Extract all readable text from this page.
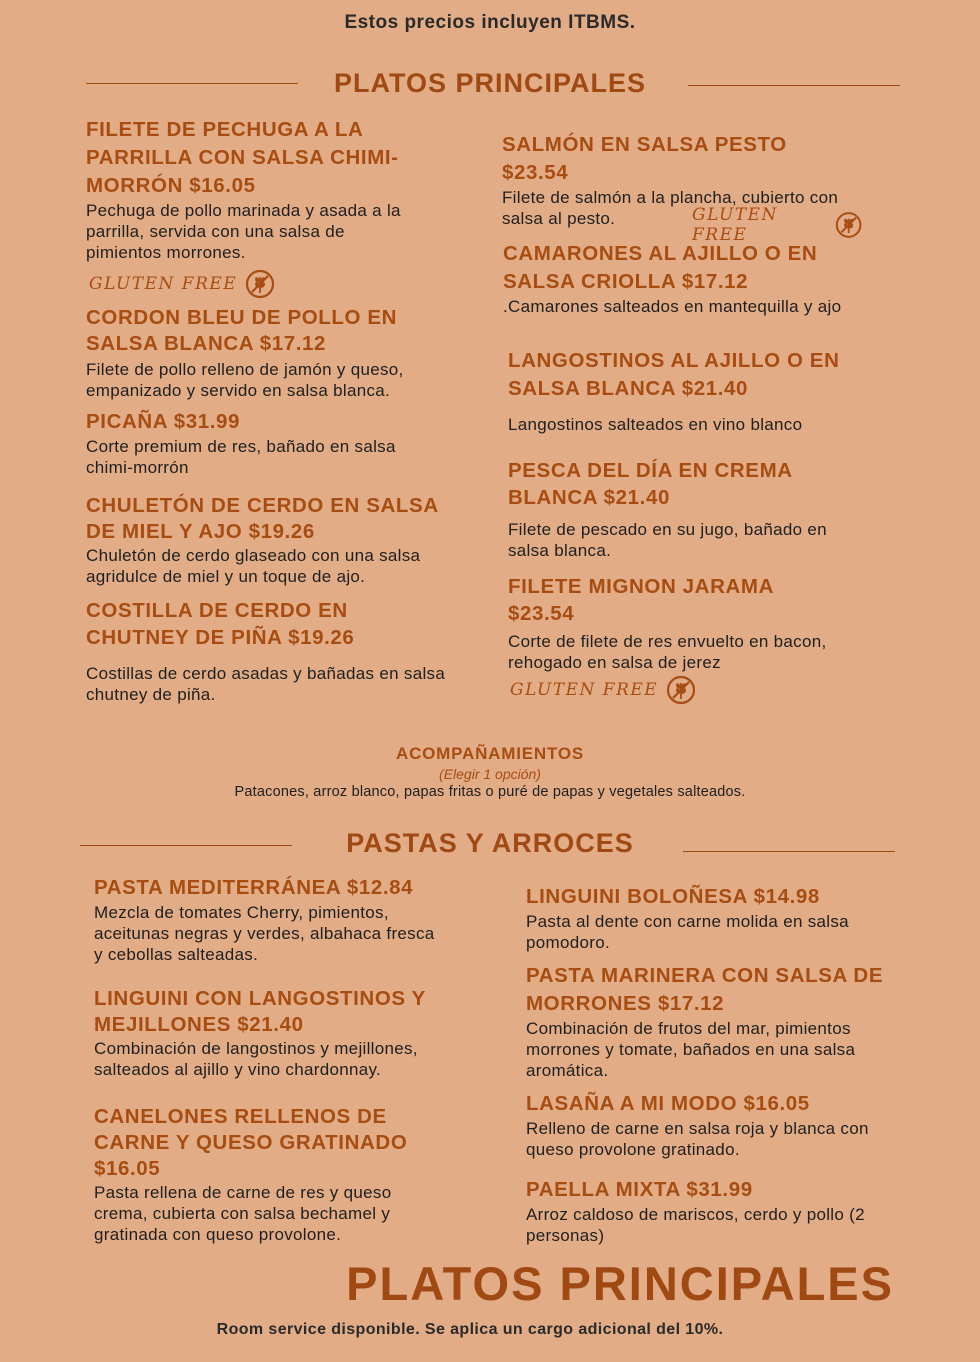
Estos precios incluyen ITBMS.
PLATOS PRINCIPALES
FILETE DE PECHUGA A LA PARRILLA CON SALSA CHIMI-MORRÓN $16.05
Pechuga de pollo marinada y asada a la parrilla, servida con una salsa de pimientos morrones.
GLUTEN FREE
CORDON BLEU DE POLLO EN SALSA BLANCA $17.12
Filete de pollo relleno de jamón y queso, empanizado y servido en salsa blanca.
PICAÑA $31.99
Corte premium de res, bañado en salsa chimi-morrón
CHULETÓN DE CERDO EN SALSA DE MIEL Y AJO $19.26
Chuletón de cerdo glaseado con una salsa agridulce de miel y un toque de ajo.
COSTILLA DE CERDO EN CHUTNEY DE PIÑA $19.26
Costillas de cerdo asadas y bañadas en salsa chutney de piña.
SALMÓN EN SALSA PESTO $23.54
Filete de salmón a la plancha, cubierto con salsa al pesto.	GLUTEN FREE
CAMARONES AL AJILLO O EN SALSA CRIOLLA $17.12
.Camarones salteados en mantequilla y ajo
LANGOSTINOS AL AJILLO O EN SALSA BLANCA $21.40
Langostinos salteados en vino blanco
PESCA DEL DÍA EN CREMA BLANCA $21.40
Filete de pescado en su jugo, bañado en salsa blanca.
FILETE MIGNON JARAMA $23.54
Corte de filete de res envuelto en bacon, rehogado en salsa de jerez
GLUTEN FREE
ACOMPAÑAMIENTOS
(Elegir 1 opción)
Patacones, arroz blanco, papas fritas o puré de papas y vegetales salteados.
PASTAS Y ARROCES
PASTA MEDITERRÁNEA $12.84
Mezcla de tomates Cherry, pimientos, aceitunas negras y verdes, albahaca fresca y cebollas salteadas.
LINGUINI CON LANGOSTINOS Y MEJILLONES $21.40
Combinación de langostinos y mejillones, salteados al ajillo y vino chardonnay.
CANELONES RELLENOS DE CARNE Y QUESO GRATINADO $16.05
Pasta rellena de carne de res y queso crema, cubierta con salsa bechamel y gratinada con queso provolone.
LINGUINI BOLOÑESA $14.98
Pasta al dente con carne molida en salsa pomodoro.
PASTA MARINERA CON SALSA DE MORRONES $17.12
Combinación de frutos del mar, pimientos morrones y tomate, bañados en una salsa aromática.
LASAÑA A MI MODO $16.05
Relleno de carne en salsa roja y blanca con queso provolone gratinado.
PAELLA MIXTA $31.99
Arroz caldoso de mariscos, cerdo y pollo (2 personas)
PLATOS PRINCIPALES
Room service disponible. Se aplica un cargo adicional del 10%.
